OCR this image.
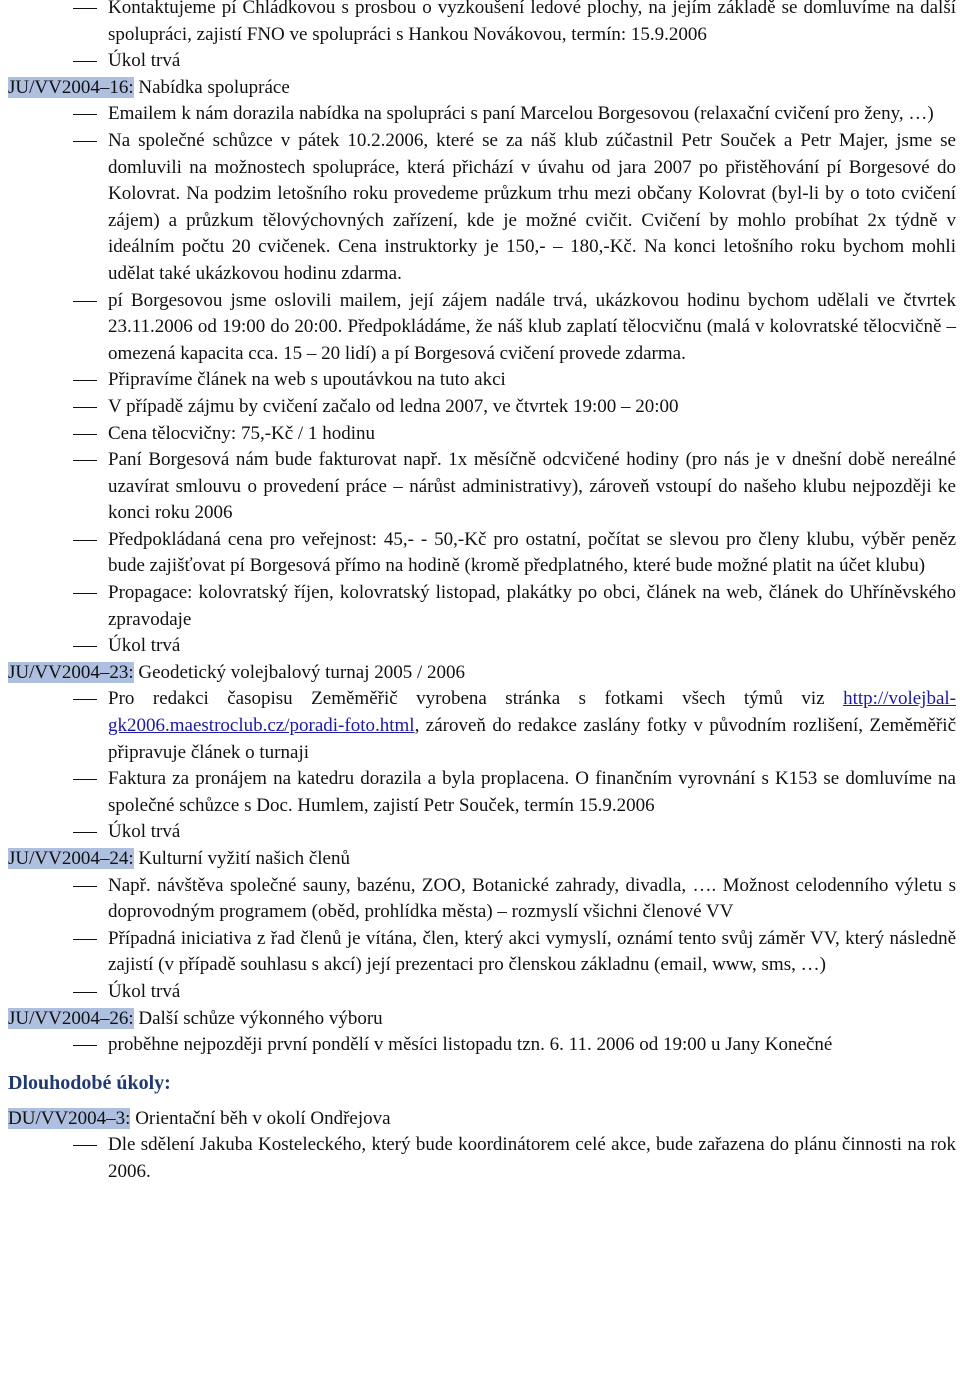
Kontaktujeme pí Chládkovou s prosbou o vyzkoušení ledové plochy, na jejím základě se domluvíme na další spolupráci, zajistí FNO ve spolupráci s Hankou Novákovou, termín: 15.9.2006
Úkol trvá
JU/VV2004–16: Nabídka spolupráce
Emailem k nám dorazila nabídka na spolupráci s paní Marcelou Borgesovou (relaxační cvičení pro ženy, …)
Na společné schůzce v pátek 10.2.2006, které se za náš klub zúčastnil Petr Souček a Petr Majer, jsme se domluvili na možnostech spolupráce, která přichází v úvahu od jara 2007 po přistěhování pí Borgesové do Kolovrat. Na podzim letošního roku provedeme průzkum trhu mezi občany Kolovrat (byl-li by o toto cvičení zájem) a průzkum tělovýchovných zařízení, kde je možné cvičit. Cvičení by mohlo probíhat 2x týdně v ideálním počtu 20 cvičenek. Cena instruktorky je 150,- – 180,-Kč. Na konci letošního roku bychom mohli udělat také ukázkovou hodinu zdarma.
pí Borgesovou jsme oslovili mailem, její zájem nadále trvá, ukázkovou hodinu bychom udělali ve čtvrtek 23.11.2006 od 19:00 do 20:00. Předpokládáme, že náš klub zaplatí tělocvičnu (malá v kolovratské tělocvičně – omezená kapacita cca. 15 – 20 lidí) a pí Borgesová cvičení provede zdarma.
Připravíme článek na web s upoutávkou na tuto akci
V případě zájmu by cvičení začalo od ledna 2007, ve čtvrtek 19:00 – 20:00
Cena tělocvičny: 75,-Kč / 1 hodinu
Paní Borgesová nám bude fakturovat např. 1x měsíčně odcvičené hodiny (pro nás je v dnešní době nereálné uzavírat smlouvu o provedení práce – nárůst administrativy), zároveň vstoupí do našeho klubu nejpozději ke konci roku 2006
Předpokládaná cena pro veřejnost: 45,- - 50,-Kč pro ostatní, počítat se slevou pro členy klubu, výběr peněz bude zajišťovat pí Borgesová přímo na hodině (kromě předplatného, které bude možné platit na účet klubu)
Propagace: kolovratský říjen, kolovratský listopad, plakátky po obci, článek na web, článek do Uhříněvského zpravodaje
Úkol trvá
JU/VV2004–23: Geodetický volejbalový turnaj 2005 / 2006
Pro redakci časopisu Zeměměřič vyrobena stránka s fotkami všech týmů viz http://volejbal-gk2006.maestroclub.cz/poradi-foto.html, zároveň do redakce zaslány fotky v původním rozlišení, Zeměměřič připravuje článek o turnaji
Faktura za pronájem na katedru dorazila a byla proplacena. O finančním vyrovnání s K153 se domluvíme na společné schůzce s Doc. Humlem, zajistí Petr Souček, termín 15.9.2006
Úkol trvá
JU/VV2004–24: Kulturní vyžití našich členů
Např. návštěva společné sauny, bazénu, ZOO, Botanické zahrady, divadla, …. Možnost celodenního výletu s doprovodným programem (oběd, prohlídka města) – rozmyslí všichni členové VV
Případná iniciativa z řad členů je vítána, člen, který akci vymyslí, oznámí tento svůj záměr VV, který následně zajistí (v případě souhlasu s akcí) její prezentaci pro členskou základnu (email, www, sms, …)
Úkol trvá
JU/VV2004–26: Další schůze výkonného výboru
proběhne nejpozději první pondělí v měsíci listopadu tzn. 6. 11. 2006 od 19:00 u Jany Konečné
Dlouhodobé úkoly:
DU/VV2004–3: Orientační běh v okolí Ondřejova
Dle sdělení Jakuba Kosteleckého, který bude koordinátorem celé akce, bude zařazena do plánu činnosti na rok 2006.
